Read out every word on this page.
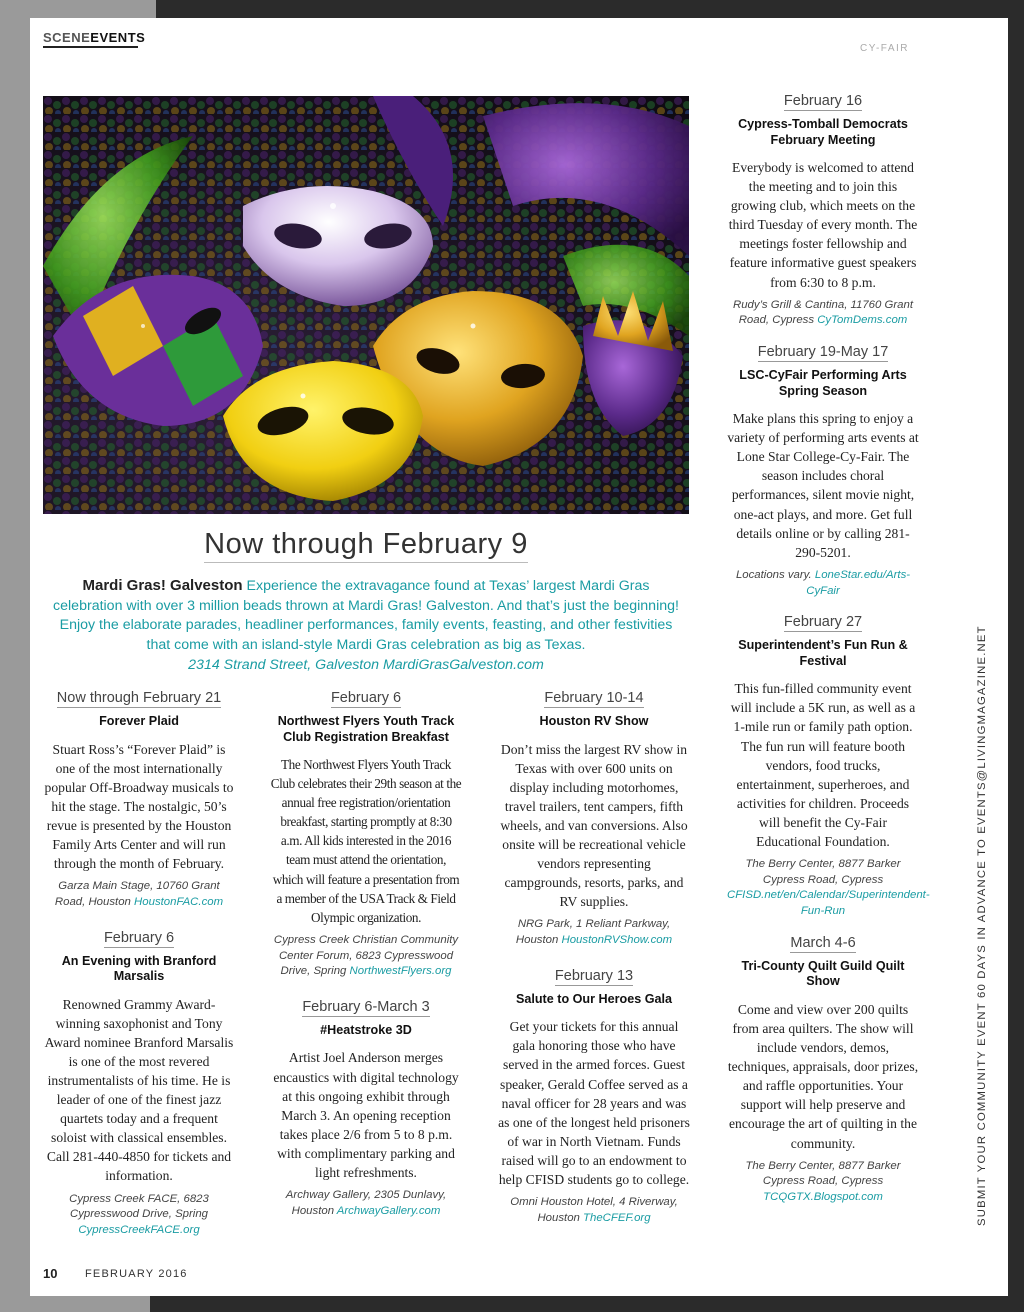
SCENEEVENTS
CY-FAIR
Now through February 9
Mardi Gras! Galveston Experience the extravagance found at Texas’ largest Mardi Gras celebration with over 3 million beads thrown at Mardi Gras! Galveston. And that’s just the beginning! Enjoy the elaborate parades, headliner performances, family events, feasting, and other festivities that come with an island-style Mardi Gras celebration as big as Texas.
2314 Strand Street, Galveston MardiGrasGalveston.com
Now through February 21
Forever Plaid
Stuart Ross’s “Forever Plaid” is one of the most internationally popular Off-Broadway musicals to hit the stage. The nostalgic, 50’s revue is presented by the Houston Family Arts Center and will run through the month of February.
Garza Main Stage, 10760 Grant Road, Houston HoustonFAC.com
February 6
An Evening with Branford Marsalis
Renowned Grammy Award-winning saxophonist and Tony Award nominee Branford Marsalis is one of the most revered instrumentalists of his time. He is leader of one of the finest jazz quartets today and a frequent soloist with classical ensembles. Call 281-440-4850 for tickets and information.
Cypress Creek FACE, 6823 Cypresswood Drive, Spring CypressCreekFACE.org
February 6
Northwest Flyers Youth Track Club Registration Breakfast
The Northwest Flyers Youth Track Club celebrates their 29th season at the annual free registration/orientation breakfast, starting promptly at 8:30 a.m. All kids interested in the 2016 team must attend the orientation, which will feature a presentation from a member of the USA Track & Field Olympic organization.
Cypress Creek Christian Community Center Forum, 6823 Cypresswood Drive, Spring NorthwestFlyers.org
February 6-March 3
#Heatstroke 3D
Artist Joel Anderson merges encaustics with digital technology at this ongoing exhibit through March 3. An opening reception takes place 2/6 from 5 to 8 p.m. with complimentary parking and light refreshments.
Archway Gallery, 2305 Dunlavy, Houston ArchwayGallery.com
February 10-14
Houston RV Show
Don’t miss the largest RV show in Texas with over 600 units on display including motorhomes, travel trailers, tent campers, fifth wheels, and van conversions. Also onsite will be recreational vehicle vendors representing campgrounds, resorts, parks, and RV supplies.
NRG Park, 1 Reliant Parkway, Houston HoustonRVShow.com
February 13
Salute to Our Heroes Gala
Get your tickets for this annual gala honoring those who have served in the armed forces. Guest speaker, Gerald Coffee served as a naval officer for 28 years and was as one of the longest held prisoners of war in North Vietnam. Funds raised will go to an endowment to help CFISD students go to college.
Omni Houston Hotel, 4 Riverway, Houston TheCFEF.org
February 16
Cypress-Tomball Democrats February Meeting
Everybody is welcomed to attend the meeting and to join this growing club, which meets on the third Tuesday of every month. The meetings foster fellowship and feature informative guest speakers from 6:30 to 8 p.m.
Rudy’s Grill & Cantina, 11760 Grant Road, Cypress CyTomDems.com
February 19-May 17
LSC-CyFair Performing Arts Spring Season
Make plans this spring to enjoy a variety of performing arts events at Lone Star College-Cy-Fair. The season includes choral performances, silent movie night, one-act plays, and more. Get full details online or by calling 281-290-5201.
Locations vary. LoneStar.edu/Arts-CyFair
February 27
Superintendent’s Fun Run & Festival
This fun-filled community event will include a 5K run, as well as a 1-mile run or family path option. The fun run will feature booth vendors, food trucks, entertainment, superheroes, and activities for children. Proceeds will benefit the Cy-Fair Educational Foundation.
The Berry Center, 8877 Barker Cypress Road, Cypress CFISD.net/en/Calendar/Superintendent-Fun-Run
March 4-6
Tri-County Quilt Guild Quilt Show
Come and view over 200 quilts from area quilters. The show will include vendors, demos, techniques, appraisals, door prizes, and raffle opportunities. Your support will help preserve and encourage the art of quilting in the community.
The Berry Center, 8877 Barker Cypress Road, Cypress TCQGTX.Blogspot.com	SUBMIT YOUR COMMUNITY EVENT 60 DAYS IN ADVANCE TO EVENTS@LIVINGMAGAZINE.NET
10	FEBRUARY 2016
